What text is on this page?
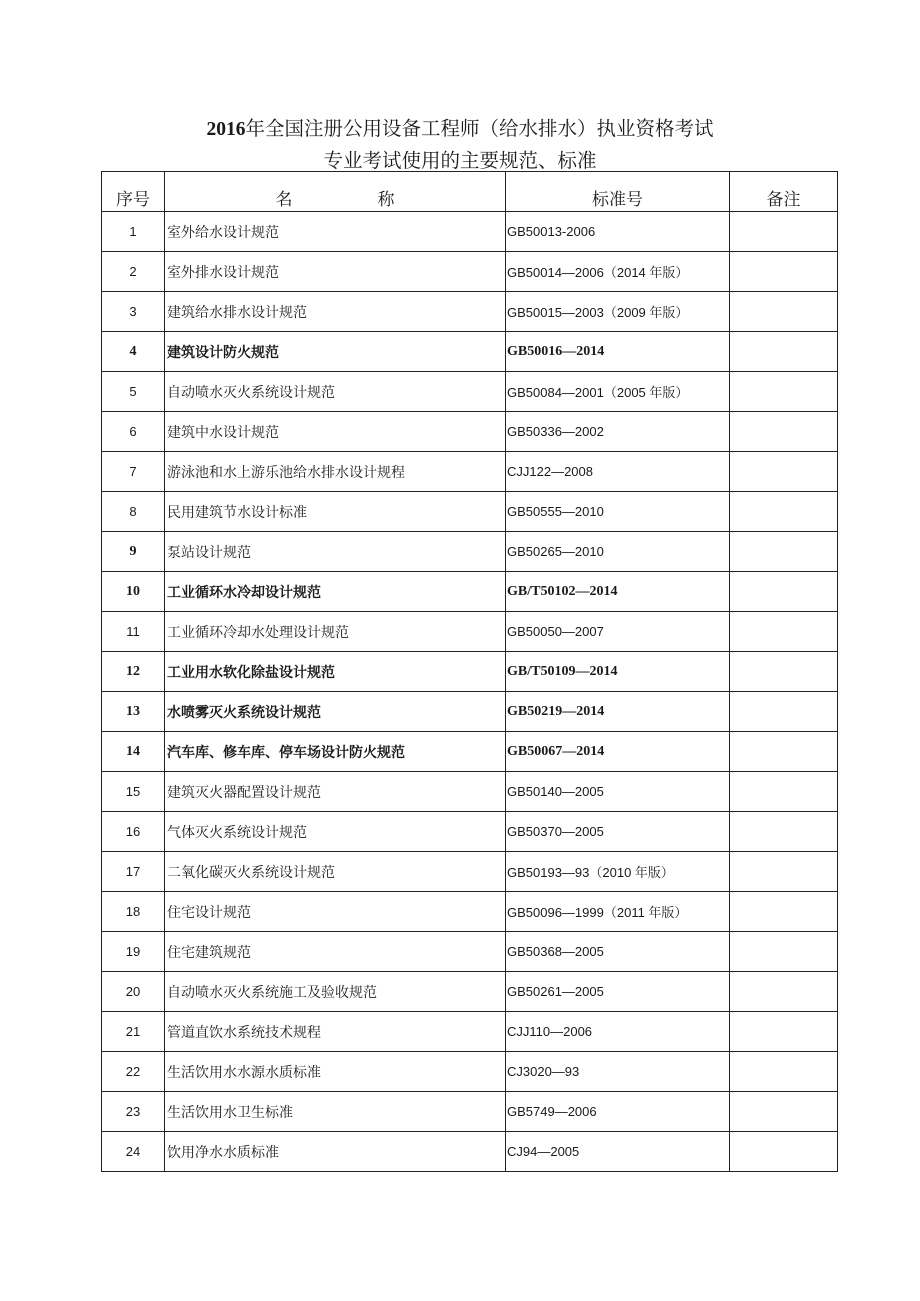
2016年全国注册公用设备工程师（给水排水）执业资格考试
专业考试使用的主要规范、标准
序号	名　　　　　称	标准号	备注
1	室外给水设计规范	GB50013-2006	
2	室外排水设计规范	GB50014—2006（2014 年版）	
3	建筑给水排水设计规范	GB50015—2003（2009 年版）	
4	建筑设计防火规范	GB50016—2014	
5	自动喷水灭火系统设计规范	GB50084—2001（2005 年版）	
6	建筑中水设计规范	GB50336—2002	
7	游泳池和水上游乐池给水排水设计规程	CJJ122—2008	
8	民用建筑节水设计标准	GB50555—2010	
9	泵站设计规范	GB50265—2010	
10	工业循环水冷却设计规范	GB/T50102—2014	
11	工业循环冷却水处理设计规范	GB50050—2007	
12	工业用水软化除盐设计规范	GB/T50109—2014	
13	水喷雾灭火系统设计规范	GB50219—2014	
14	汽车库、修车库、停车场设计防火规范	GB50067—2014	
15	建筑灭火器配置设计规范	GB50140—2005	
16	气体灭火系统设计规范	GB50370—2005	
17	二氧化碳灭火系统设计规范	GB50193—93（2010 年版）	
18	住宅设计规范	GB50096—1999（2011 年版）	
19	住宅建筑规范	GB50368—2005	
20	自动喷水灭火系统施工及验收规范	GB50261—2005	
21	管道直饮水系统技术规程	CJJ110—2006	
22	生活饮用水水源水质标准	CJ3020—93	
23	生活饮用水卫生标准	GB5749—2006	
24	饮用净水水质标准	CJ94—2005	
